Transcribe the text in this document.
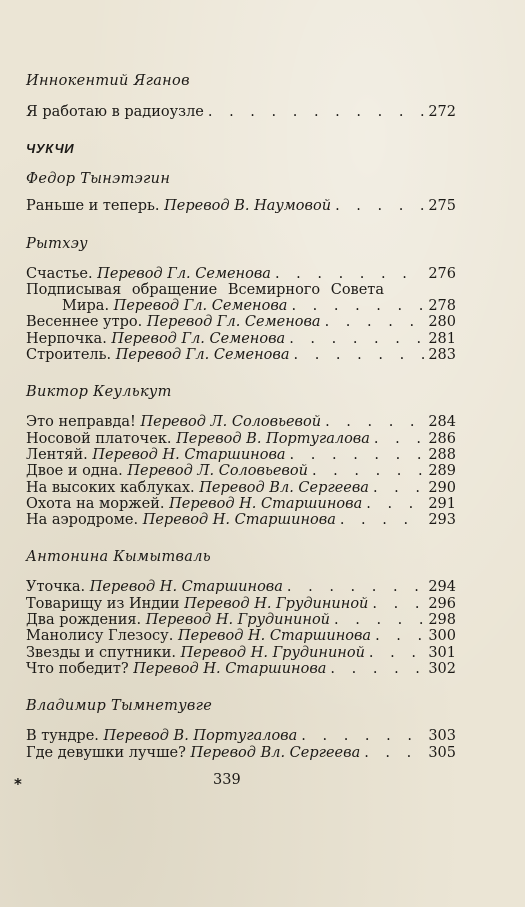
Иннокентий Яганов

Я работаю в радиоузле . . .	272

ЧУКЧИ

Федор Тынэтэгин

Раньше и теперь. Перевод В. Наумовой . . .	275

Рытхэу

Счастье. Перевод Гл. Семенова . . .	276
Подписывая обращение Всемирного Совета
Мира. Перевод Гл. Семенова . . .	278
Весеннее утро. Перевод Гл. Семенова . . .	280
Нерпочка. Перевод Гл. Семенова . . .	281
Строитель. Перевод Гл. Семенова . . .	283

Виктор Кеулькут

Это неправда! Перевод Л. Соловьевой . . .	284
Носовой платочек. Перевод В. Португалова . . .	286
Лентяй. Перевод Н. Старшинова . . .	288
Двое и одна. Перевод Л. Соловьевой . . .	289
На высоких каблуках. Перевод Вл. Сергеева . . .	290
Охота на моржей. Перевод Н. Старшинова . . .	291
На аэродроме. Перевод Н. Старшинова . . .	293

Антонина Кымытваль

Уточка. Перевод Н. Старшинова . . .	294
Товарищу из Индии Перевод Н. Грудининой . . .	296
Два рождения. Перевод Н. Грудининой . . .	298
Манолису Глезосу. Перевод Н. Старшинова . . .	300
Звезды и спутники. Перевод Н. Грудининой . . .	301
Что победит? Перевод Н. Старшинова . . .	302

Владимир Тымнетувге

В тундре. Перевод В. Португалова . . .	303
Где девушки лучше? Перевод Вл. Сергеева . . .	305
*	339
